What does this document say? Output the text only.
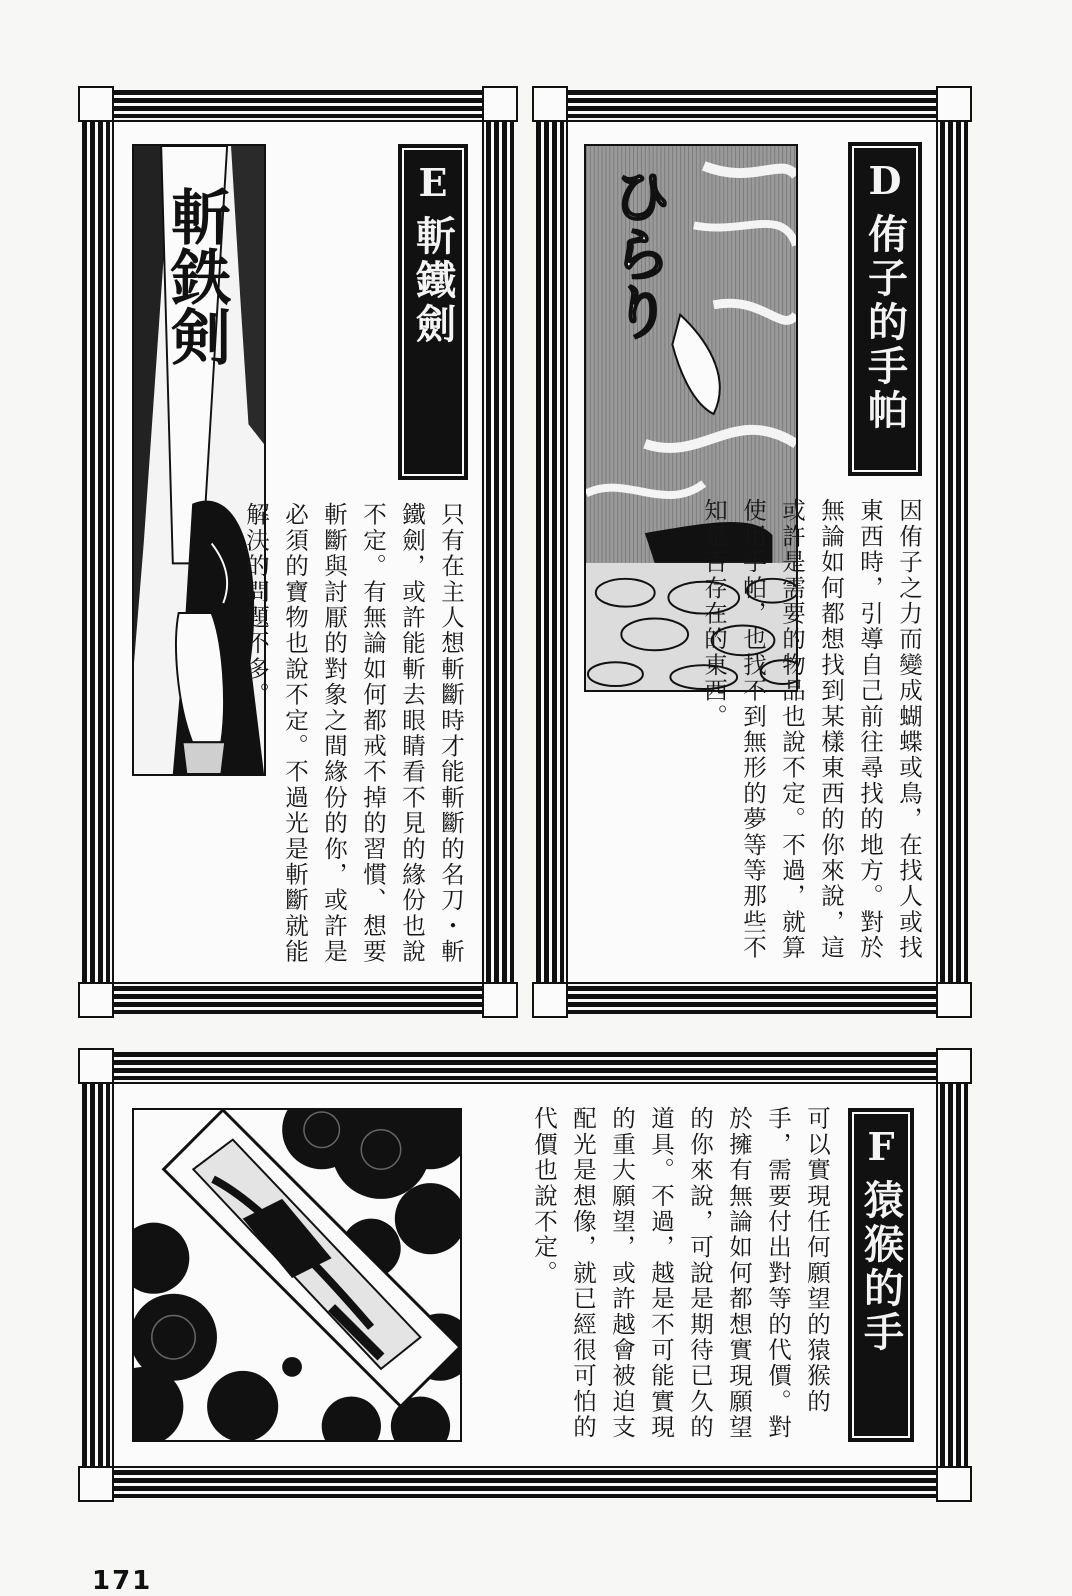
E
斬鐵劍
斬鉄剣
只有在主人想斬斷時才能斬斷的名刀・斬鐵劍，或許能斬去眼睛看不見的緣份也說不定。有無論如何都戒不掉的習慣、想要斬斷與討厭的對象之間緣份的你，或許是必須的寶物也說不定。不過光是斬斷就能解決的問題不多。
D
侑子的手帕
ひらり
因侑子之力而變成蝴蝶或鳥，在找人或找東西時，引導自己前往尋找的地方。對於無論如何都想找到某樣東西的你來說，這或許是需要的物品也說不定。不過，就算使用手帕，也找不到無形的夢等等那些不知是否存在的東西。
F
猿猴的手
可以實現任何願望的猿猴的手，需要付出對等的代價。對於擁有無論如何都想實現願望的你來說，可說是期待已久的道具。不過，越是不可能實現的重大願望，或許越會被迫支配光是想像，就已經很可怕的代價也說不定。
171
